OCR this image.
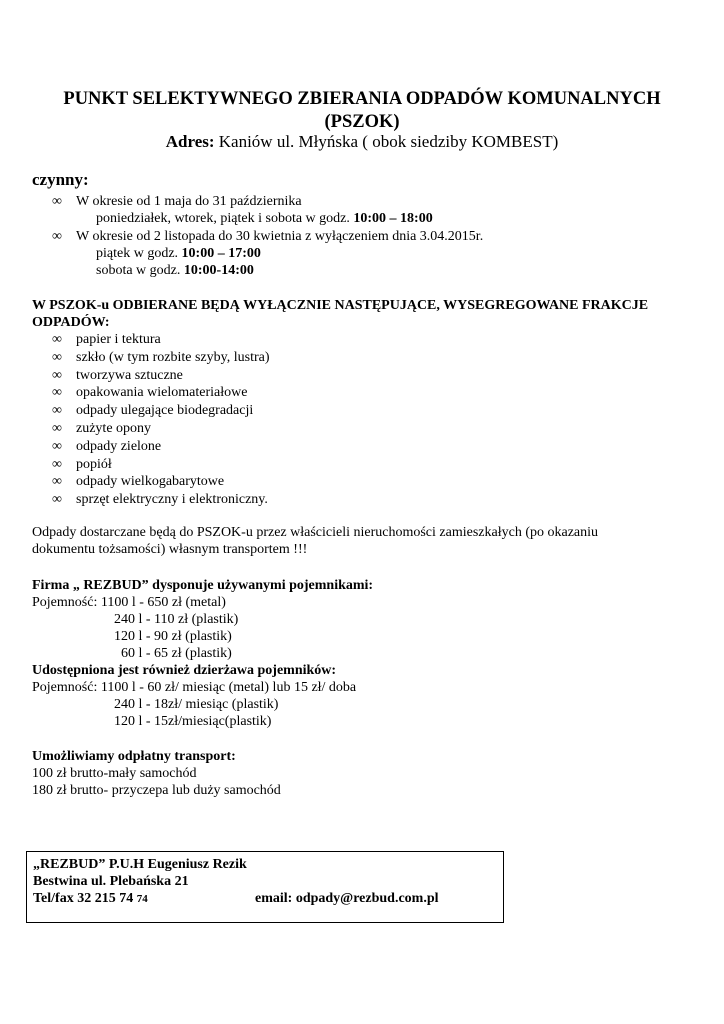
PUNKT SELEKTYWNEGO ZBIERANIA ODPADÓW KOMUNALNYCH
(PSZOK)
Adres: Kaniów ul. Młyńska ( obok siedziby KOMBEST)
czynny:
∞ W okresie od 1 maja do 31 października
poniedziałek, wtorek, piątek i sobota w godz. 10:00 – 18:00
∞ W okresie od 2 listopada do 30 kwietnia z wyłączeniem dnia 3.04.2015r.
piątek w godz. 10:00 – 17:00
sobota w godz. 10:00-14:00
W PSZOK-u ODBIERANE BĘDĄ WYŁĄCZNIE NASTĘPUJĄCE, WYSEGREGOWANE FRAKCJE
ODPADÓW:
∞ papier i tektura
∞ szkło (w tym rozbite szyby, lustra)
∞ tworzywa sztuczne
∞ opakowania wielomateriałowe
∞ odpady ulegające biodegradacji
∞ zużyte opony
∞ odpady zielone
∞ popiół
∞ odpady wielkogabarytowe
∞ sprzęt elektryczny i elektroniczny.
Odpady dostarczane będą do PSZOK-u przez właścicieli nieruchomości zamieszkałych (po okazaniu
dokumentu tożsamości) własnym transportem !!!
Firma „ REZBUD” dysponuje używanymi pojemnikami:
Pojemność: 1100 l - 650 zł (metal)
240 l - 110 zł (plastik)
120 l - 90 zł (plastik)
60 l - 65 zł (plastik)
Udostępniona jest również dzierżawa pojemników:
Pojemność: 1100 l - 60 zł/ miesiąc (metal) lub 15 zł/ doba
240 l - 18zł/ miesiąc (plastik)
120 l - 15zł/miesiąc(plastik)
Umożliwiamy odpłatny transport:
100 zł brutto-mały samochód
180 zł brutto- przyczepa lub duży samochód
„REZBUD” P.U.H Eugeniusz Rezik
Bestwina ul. Plebańska 21
Tel/fax 32 215 74 74	email: odpady@rezbud.com.pl
